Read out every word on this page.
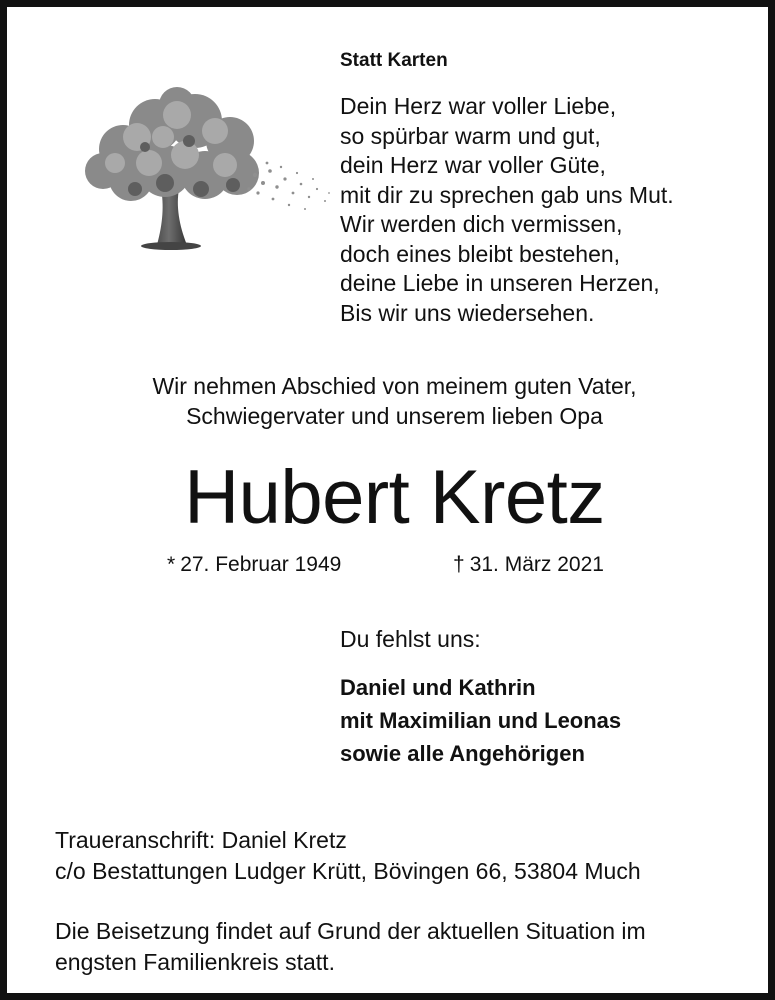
Statt Karten
Dein Herz war voller Liebe,
so spürbar warm und gut,
dein Herz war voller Güte,
mit dir zu sprechen gab uns Mut.
Wir werden dich vermissen,
doch eines bleibt bestehen,
deine Liebe in unseren Herzen,
Bis wir uns wiedersehen.
Wir nehmen Abschied von meinem guten Vater,
Schwiegervater und unserem lieben Opa
Hubert Kretz
* 27. Februar 1949	† 31. März 2021
Du fehlst uns:
Daniel und Kathrin
mit Maximilian und Leonas
sowie alle Angehörigen
Traueranschrift: Daniel Kretz
c/o Bestattungen Ludger Krütt, Bövingen 66, 53804 Much
Die Beisetzung findet auf Grund der aktuellen Situation im
engsten Familienkreis statt.
